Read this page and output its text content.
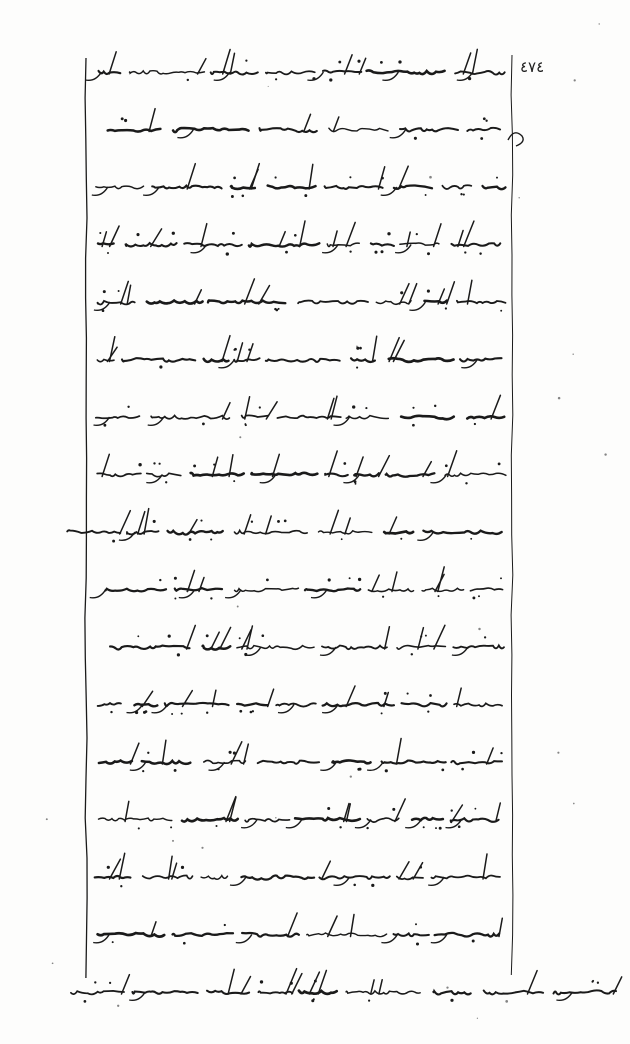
٤٧٤
